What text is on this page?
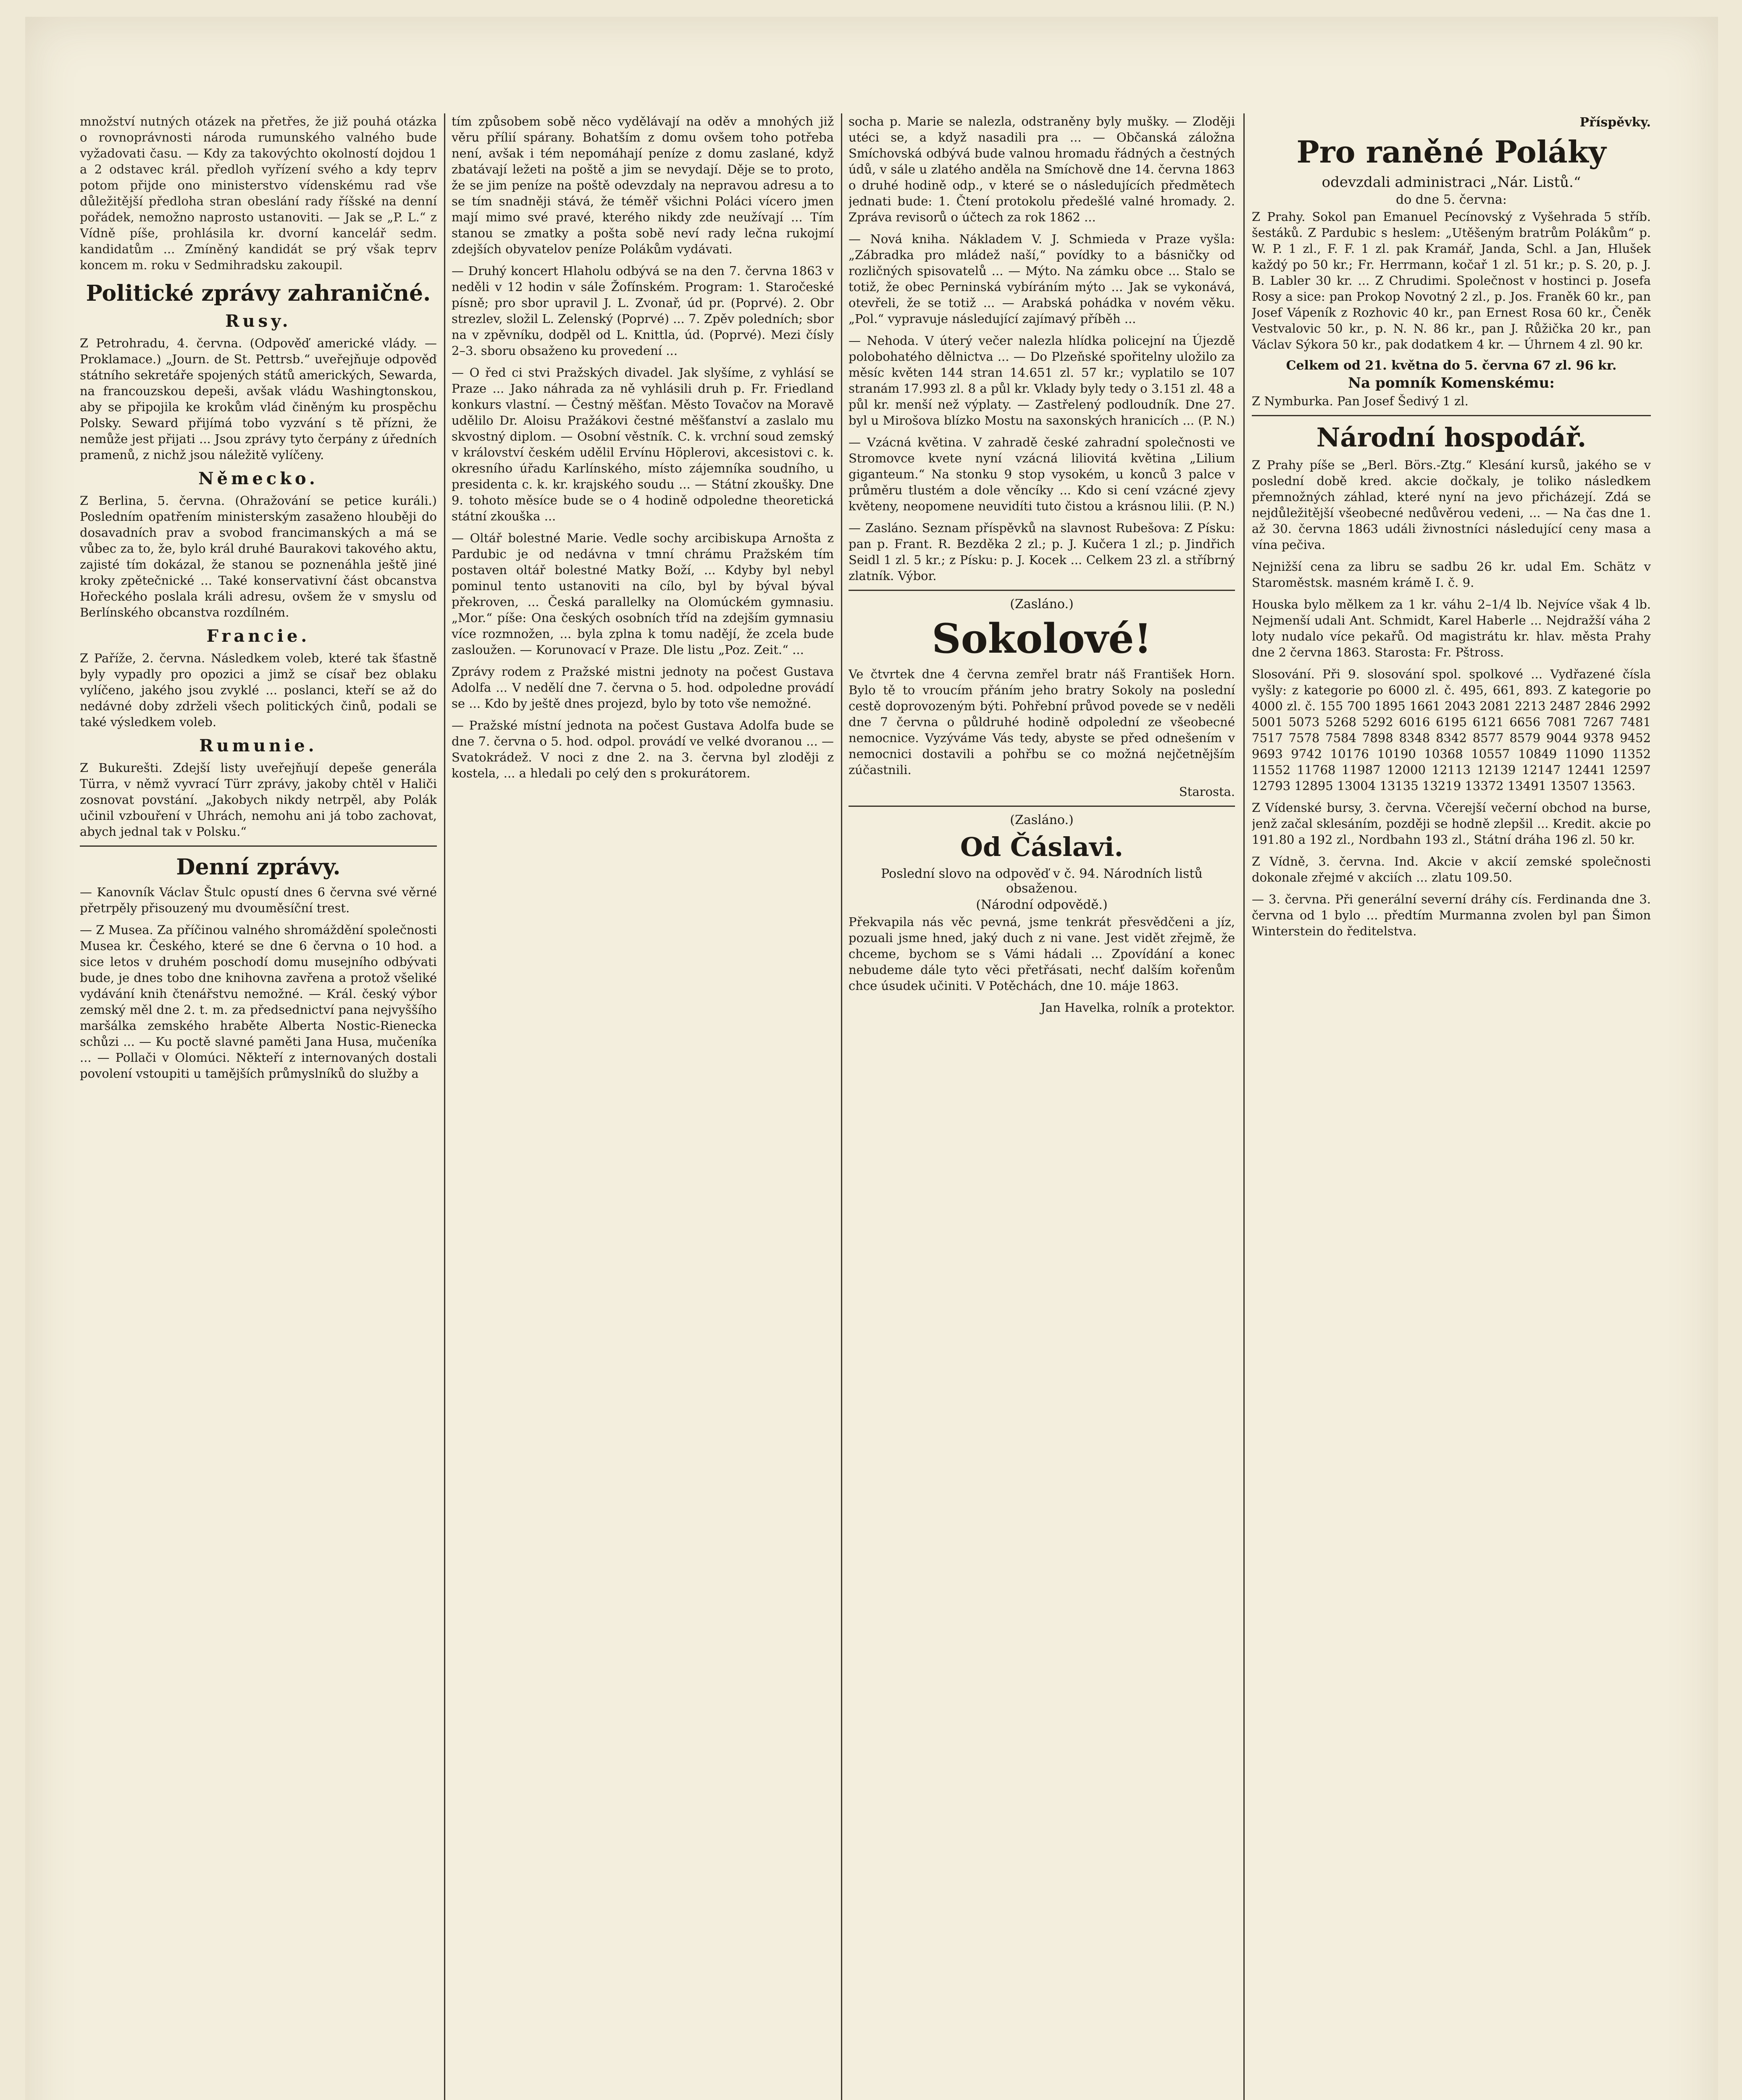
množství nutných otázek na přetřes, že již pouhá otázka o rovnoprávnosti národa rumunského valného bude vyžadovati času. — Kdy za takovýchto okolností dojdou 1 a 2 odstavec král. předloh vyřízení svého a kdy teprv potom přijde ono ministerstvo vídenskému rad vše důležitější předloha stran obeslání rady říšské na denní pořádek, nemožno naprosto ustanoviti. — Jak se „P. L.“ z Vídně píše, prohlásila kr. dvorní kancelář sedm. kandidatům ... Zmíněný kandidát se prý však teprv koncem m. roku v Sedmihradsku zakoupil.

Politické zprávy zahraničné.
Rusy.

Z Petrohradu, 4. června. (Odpověď americké vlády. — Proklamace.) „Journ. de St. Pettrsb.“ uveřejňuje odpověď státního sekretáře spojených států amerických, Sewarda, na francouzskou depeši, avšak vládu Washingtonskou, aby se připojila ke krokům vlád činěným ku prospěchu Polsky. Seward přijímá tobo vyzvání s tě přízni, že nemůže jest přijati ... Jsou zprávy tyto čerpány z úředních pramenů, z nichž jsou náležitě vylíčeny.

Německo.

Z Berlina, 5. června. (Ohražování se petice kuráli.) Posledním opatřením ministerským zasaženo hlouběji do dosavadních prav a svobod francimanských a má se vůbec za to, že, bylo král druhé Baurakovi takového aktu, zajisté tím dokázal, že stanou se poznenáhla ještě jiné kroky zpětečnické ... Také konservativní část obcanstva Hořeckého poslala králi adresu, ovšem že v smyslu od Berlínského obcanstva rozdílném.

Francie.

Z Paříže, 2. června. Následkem voleb, které tak šťastně byly vypadly pro opozici a jimž se císař bez oblaku vylíčeno, jakého jsou zvyklé ... poslanci, kteří se až do nedávné doby zdrželi všech politických činů, podali se také výsledkem voleb.

Rumunie.

Z Bukurešti. Zdejší listy uveřejňují depeše generála Türra, v němž vyvrací Türr zprávy, jakoby chtěl v Haliči zosnovat povstání. „Jakobych nikdy netrpěl, aby Polák učinil vzbouření v Uhrách, nemohu ani já tobo zachovat, abych jednal tak v Polsku.“

Denní zprávy.

— Kanovník Václav Štulc opustí dnes 6 června své věrné přetrpěly přisouzený mu dvouměsíční trest.

— Z Musea. Za příčinou valného shromáždění společnosti Musea kr. Českého, které se dne 6 června o 10 hod. a sice letos v druhém poschodí domu musejního odbývati bude, je dnes tobo dne knihovna zavřena a protož všeliké vydávání knih čtenářstvu nemožné. — Král. český výbor zemský měl dne 2. t. m. za předsednictví pana nejvyššího maršálka zemského hraběte Alberta Nostic-Rienecka schůzi ... — Ku poctě slavné paměti Jana Husa, mučeníka ... — Pollači v Olomúci. Někteří z internovaných dostali povolení vstoupiti u tamějších průmyslníků do služby a

tím způsobem sobě něco vydělávají na oděv a mnohých již věru přílií spárany. Bohatším z domu ovšem toho potřeba není, avšak i tém nepomáhají peníze z domu zaslané, když zbatávají ležeti na poště a jim se nevydají. Děje se to proto, že se jim peníze na poště odevzdaly na nepravou adresu a to se tím snadněji stává, že téměř všichni Poláci vícero jmen mají mimo své pravé, kterého nikdy zde neužívají ... Tím stanou se zmatky a pošta sobě neví rady lečna rukojmí zdejších obyvatelov peníze Polákům vydávati.

— Druhý koncert Hlaholu odbývá se na den 7. června 1863 v neděli v 12 hodin v sále Žofínském. Program: 1. Staročeské písně; pro sbor upravil J. L. Zvonař, úd pr. (Poprvé). 2. Obr strezlev, složil L. Zelenský (Poprvé) ... 7. Zpěv poledních; sbor na v zpěvníku, dodpěl od L. Knittla, úd. (Poprvé). Mezi čísly 2–3. sboru obsaženo ku provedení ...

— O řed ci stvi Pražských divadel. Jak slyšíme, z vyhlásí se Praze ... Jako náhrada za ně vyhlásili druh p. Fr. Friedland konkurs vlastní. — Čestný měšťan. Město Tovačov na Moravě udělilo Dr. Aloisu Pražákovi čestné měšťanství a zaslalo mu skvostný diplom. — Osobní věstník. C. k. vrchní soud zemský v království českém udělil Ervínu Höplerovi, akcesistovi c. k. okresního úřadu Karlínského, místo zájemníka soudního, u presidenta c. k. kr. krajského soudu ... — Státní zkoušky. Dne 9. tohoto měsíce bude se o 4 hodině odpoledne theoretická státní zkouška ...

— Oltář bolestné Marie. Vedle sochy arcibiskupa Arnošta z Pardubic je od nedávna v tmní chrámu Pražském tím postaven oltář bolestné Matky Boží, ... Kdyby byl nebyl pominul tento ustanoviti na cílo, byl by býval býval překroven, ... Česká parallelky na Olomúckém gymnasiu. „Mor.“ píše: Ona českých osobních tříd na zdejším gymnasiu více rozmnožen, ... byla zplna k tomu nadějí, že zcela bude zasloužen. — Korunovací v Praze. Dle listu „Poz. Zeit.“ ...

Zprávy rodem z Pražské mistni jednoty na počest Gustava Adolfa ... V nedělí dne 7. června o 5. hod. odpoledne provádí se ... Kdo by ještě dnes projezd, bylo by toto vše nemožné.

— Pražské místní jednota na počest Gustava Adolfa bude se dne 7. června o 5. hod. odpol. provádí ve velké dvoranou ... — Svatokrádež. V noci z dne 2. na 3. června byl zloději z kostela, ... a hledali po celý den s prokurátorem.

socha p. Marie se nalezla, odstraněny byly mušky. — Zloději utéci se, a když nasadili pra ... — Občanská záložna Smíchovská odbývá bude valnou hromadu řádných a čestných údů, v sále u zlatého anděla na Smíchově dne 14. června 1863 o druhé hodině odp., v které se o následujících předmětech jednati bude: 1. Čtení protokolu předešlé valné hromady. 2. Zpráva revisorů o účtech za rok 1862 ...

— Nová kniha. Nákladem V. J. Schmieda v Praze vyšla: „Zábradka pro mládež naší,“ povídky to a básničky od rozličných spisovatelů ... — Mýto. Na zámku obce ... Stalo se totiž, že obec Perninská vybíráním mýto ... Jak se vykonává, otevřeli, že se totiž ... — Arabská pohádka v novém věku. „Pol.“ vypravuje následující zajímavý příběh ...

— Nehoda. V úterý večer nalezla hlídka policejní na Újezdě polobohatého dělnictva ... — Do Plzeňské spořitelny uložilo za měsíc květen 144 stran 14.651 zl. 57 kr.; vyplatilo se 107 stranám 17.993 zl. 8 a půl kr. Vklady byly tedy o 3.151 zl. 48 a půl kr. menší než výplaty. — Zastřelený podloudník. Dne 27. byl u Mirošova blízko Mostu na saxonských hranicích ... (P. N.)

— Vzácná květina. V zahradě české zahradní společnosti ve Stromovce kvete nyní vzácná liliovitá květina „Lilium giganteum.“ Na stonku 9 stop vysokém, u konců 3 palce v průměru tlustém a dole věncíky ... Kdo si cení vzácné zjevy květeny, neopomene neuvidíti tuto čistou a krásnou lilii. (P. N.)

— Zasláno. Seznam příspěvků na slavnost Rubešova: Z Písku: pan p. Frant. R. Bezděka 2 zl.; p. J. Kučera 1 zl.; p. Jindřich Seidl 1 zl. 5 kr.; z Písku: p. J. Kocek ... Celkem 23 zl. a stříbrný zlatník. Výbor.

(Zasláno.)
Sokolové!

Ve čtvrtek dne 4 června zemřel bratr náš František Horn. Bylo tě to vroucím přáním jeho bratry Sokoly na poslední cestě doprovozeným býti. Pohřební průvod povede se v neděli dne 7 června o půldruhé hodině odpolední ze všeobecné nemocnice. Vyzýváme Vás tedy, abyste se před odnešením v nemocnici dostavili a pohřbu se co možná nejčetnějším zúčastnili.

Starosta.

(Zasláno.)
Od Čáslavi.
Poslední slovo na odpověď v č. 94. Národních listů obsaženou.
(Národní odpovědě.)

Překvapila nás věc pevná, jsme tenkrát přesvědčeni a jíz, pozuali jsme hned, jaký duch z ni vane. Jest vidět zřejmě, že chceme, bychom se s Vámi hádali ... Zpovídání a konec nebudeme dále tyto věci přetřásati, nechť dalším kořenům chce úsudek učiniti. V Potěchách, dne 10. máje 1863.

Jan Havelka, rolník a protektor.

Příspěvky.
Pro raněné Poláky
odevzdali administraci „Nár. Listů.“
do dne 5. června:

Z Prahy. Sokol pan Emanuel Pecínovský z Vyšehrada 5 stříb. šestáků. Z Pardubic s heslem: „Utěšeným bratrům Polákům“ p. W. P. 1 zl., F. F. 1 zl. pak Kramář, Janda, Schl. a Jan, Hlušek každý po 50 kr.; Fr. Herrmann, kočař 1 zl. 51 kr.; p. S. 20, p. J. B. Labler 30 kr. ... Z Chrudimi. Společnost v hostinci p. Josefa Rosy a sice: pan Prokop Novotný 2 zl., p. Jos. Franěk 60 kr., pan Josef Vápeník z Rozhovic 40 kr., pan Ernest Rosa 60 kr., Čeněk Vestvalovic 50 kr., p. N. N. 86 kr., pan J. Růžička 20 kr., pan Václav Sýkora 50 kr., pak dodatkem 4 kr. — Úhrnem 4 zl. 90 kr.

Celkem od 21. května do 5. června 67 zl. 96 kr.
Na pomník Komenskému:

Z Nymburka. Pan Josef Šedivý 1 zl.

Národní hospodář.

Z Prahy píše se „Berl. Börs.-Ztg.“ Klesání kursů, jakého se v poslední době kred. akcie dočkaly, je toliko následkem přemnožných záhlad, které nyní na jevo přicházejí. Zdá se nejdůležitější všeobecné nedůvěrou vedeni, ... — Na čas dne 1. až 30. června 1863 událi živnostníci následující ceny masa a vína pečiva.

Nejnižší cena za libru se sadbu 26 kr. udal Em. Schätz v Staroměstsk. masném krámě I. č. 9.

Houska bylo mělkem za 1 kr. váhu 2–1/4 lb. Nejvíce však 4 lb. Nejmenší udali Ant. Schmidt, Karel Haberle ... Nejdražší váha 2 loty nudalo více pekařů. Od magistrátu kr. hlav. města Prahy dne 2 června 1863. Starosta: Fr. Pštross.

Slosování. Při 9. slosování spol. spolkové ... Vydřazené čísla vyšly: z kategorie po 6000 zl. č. 495, 661, 893. Z kategorie po 4000 zl. č. 155 700 1895 1661 2043 2081 2213 2487 2846 2992 5001 5073 5268 5292 6016 6195 6121 6656 7081 7267 7481 7517 7578 7584 7898 8348 8342 8577 8579 9044 9378 9452 9693 9742 10176 10190 10368 10557 10849 11090 11352 11552 11768 11987 12000 12113 12139 12147 12441 12597 12793 12895 13004 13135 13219 13372 13491 13507 13563.

Z Vídenské bursy, 3. června. Včerejší večerní obchod na burse, jenž začal sklesáním, později se hodně zlepšil ... Kredit. akcie po 191.80 a 192 zl., Nordbahn 193 zl., Státní dráha 196 zl. 50 kr.

Z Vídně, 3. června. Ind. Akcie v akcií zemské společnosti dokonale zřejmé v akciích ... zlatu 109.50.

— 3. června. Při generální severní dráhy cís. Ferdinanda dne 3. června od 1 bylo ... předtím Murmanna zvolen byl pan Šimon Winterstein do ředitelstva.
